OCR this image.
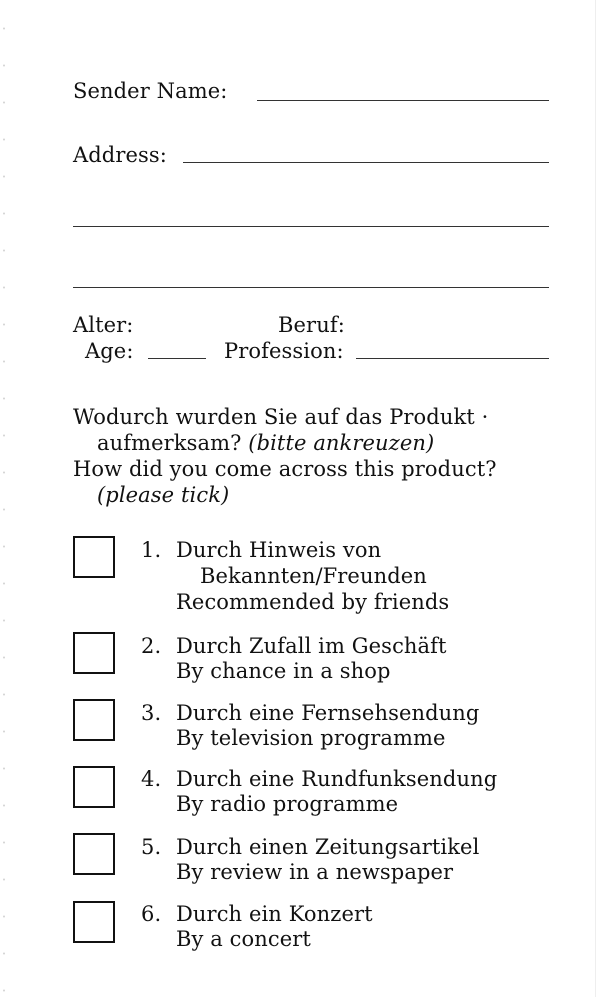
Sender Name:
Address:
Alter:
Age:
Beruf:
Profession:
Wodurch wurden Sie auf das Produkt ·
aufmerksam? (bitte ankreuzen)
How did you come across this product?
(please tick)
1. Durch Hinweis von
Bekannten/Freunden
Recommended by friends
2. Durch Zufall im Geschäft
By chance in a shop
3. Durch eine Fernsehsendung
By television programme
4. Durch eine Rundfunksendung
By radio programme
5. Durch einen Zeitungsartikel
By review in a newspaper
6. Durch ein Konzert
By a concert
